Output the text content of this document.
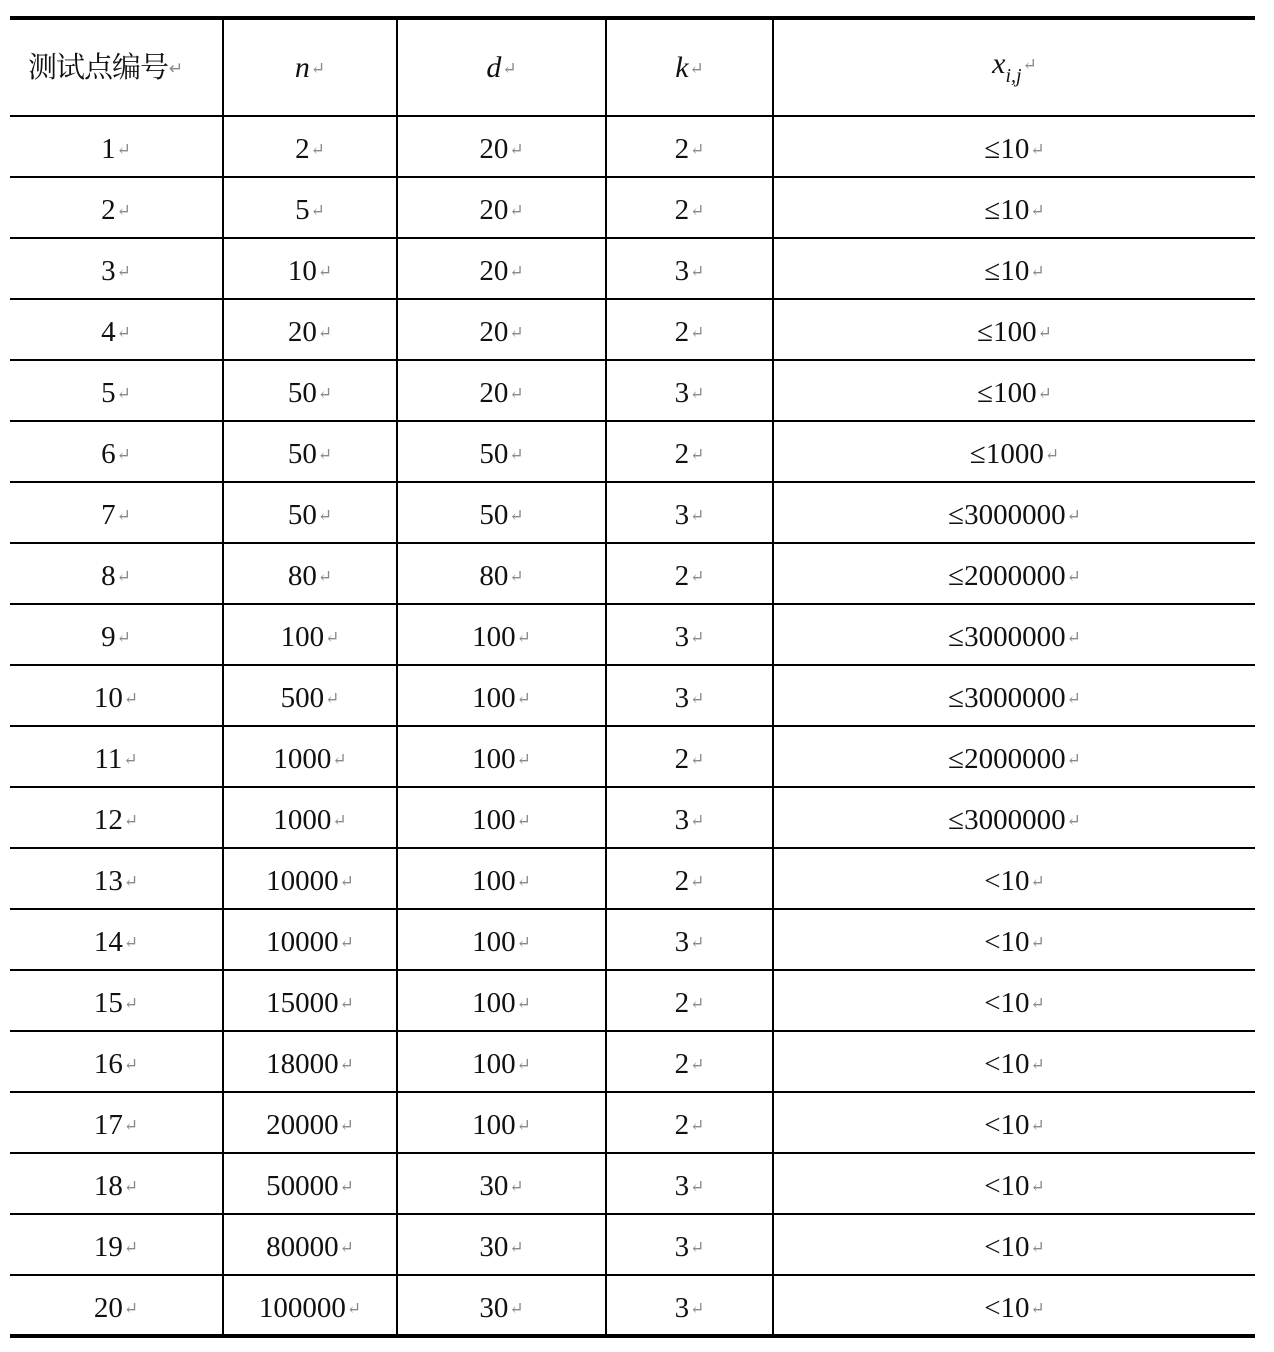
测试点编号↵	n↵	d↵	k↵	$x_{i,j}↵$
1↵	2↵	20↵	2↵	≤10↵
2↵	5↵	20↵	2↵	≤10↵
3↵	10↵	20↵	3↵	≤10↵
4↵	20↵	20↵	2↵	≤100↵
5↵	50↵	20↵	3↵	≤100↵
6↵	50↵	50↵	2↵	≤1000↵
7↵	50↵	50↵	3↵	≤3000000↵
8↵	80↵	80↵	2↵	≤2000000↵
9↵	100↵	100↵	3↵	≤3000000↵
10↵	500↵	100↵	3↵	≤3000000↵
11↵	1000↵	100↵	2↵	≤2000000↵
12↵	1000↵	100↵	3↵	≤3000000↵
13↵	10000↵	100↵	2↵	<10↵
14↵	10000↵	100↵	3↵	<10↵
15↵	15000↵	100↵	2↵	<10↵
16↵	18000↵	100↵	2↵	<10↵
17↵	20000↵	100↵	2↵	<10↵
18↵	50000↵	30↵	3↵	<10↵
19↵	80000↵	30↵	3↵	<10↵
20↵	100000↵	30↵	3↵	<10↵
